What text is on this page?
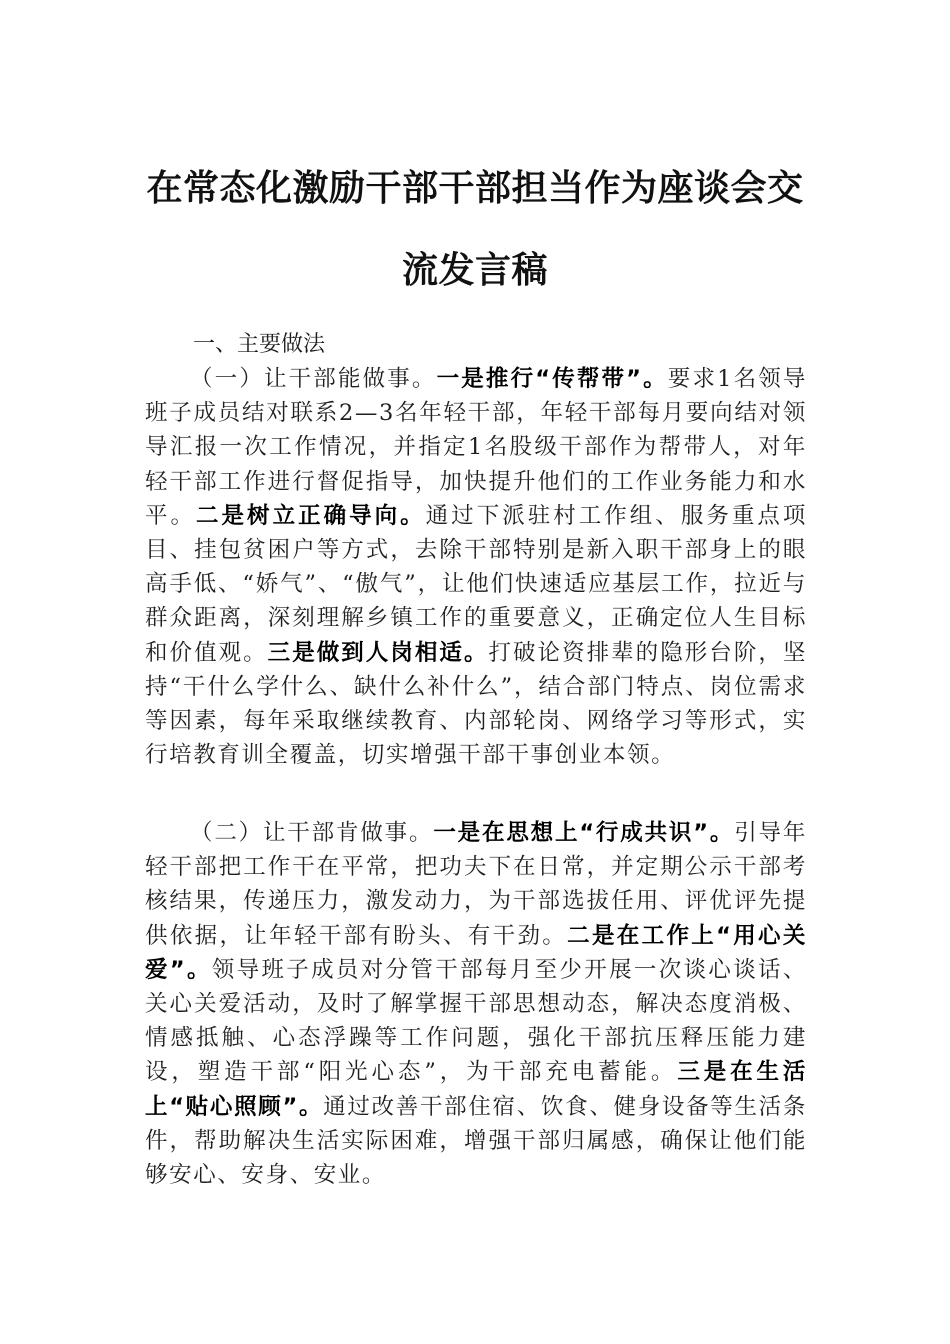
在常态化激励干部干部担当作为座谈会交
流发言稿

一、主要做法

（一）让干部能做事。一是推行“传帮带”。要求1名领导班子成员结对联系2—3名年轻干部，年轻干部每月要向结对领导汇报一次工作情况，并指定1名股级干部作为帮带人，对年轻干部工作进行督促指导，加快提升他们的工作业务能力和水平。二是树立正确导向。通过下派驻村工作组、服务重点项目、挂包贫困户等方式，去除干部特别是新入职干部身上的眼高手低、“娇气”、“傲气”，让他们快速适应基层工作，拉近与群众距离，深刻理解乡镇工作的重要意义，正确定位人生目标和价值观。三是做到人岗相适。打破论资排辈的隐形台阶，坚持“干什么学什么、缺什么补什么”，结合部门特点、岗位需求等因素，每年采取继续教育、内部轮岗、网络学习等形式，实行培教育训全覆盖，切实增强干部干事创业本领。

（二）让干部肯做事。一是在思想上“行成共识”。引导年轻干部把工作干在平常，把功夫下在日常，并定期公示干部考核结果，传递压力，激发动力，为干部选拔任用、评优评先提供依据，让年轻干部有盼头、有干劲。二是在工作上“用心关爱”。领导班子成员对分管干部每月至少开展一次谈心谈话、关心关爱活动，及时了解掌握干部思想动态，解决态度消极、情感抵触、心态浮躁等工作问题，强化干部抗压释压能力建设，塑造干部“阳光心态”，为干部充电蓄能。三是在生活上“贴心照顾”。通过改善干部住宿、饮食、健身设备等生活条件，帮助解决生活实际困难，增强干部归属感，确保让他们能够安心、安身、安业。
